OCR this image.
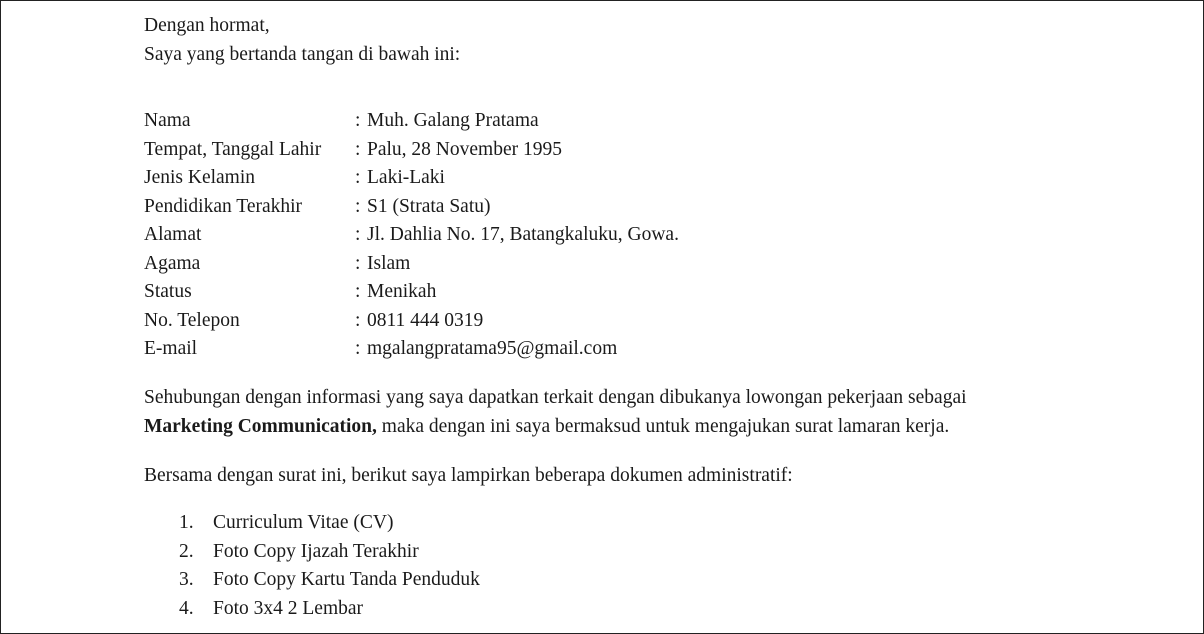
Dengan hormat,
Saya yang bertanda tangan di bawah ini:
Nama	: Muh. Galang Pratama
Tempat, Tanggal Lahir	: Palu, 28 November 1995
Jenis Kelamin	: Laki-Laki
Pendidikan Terakhir	: S1 (Strata Satu)
Alamat	: Jl. Dahlia No. 17, Batangkaluku, Gowa.
Agama	: Islam
Status	: Menikah
No. Telepon	: 0811 444 0319
E-mail	: mgalangpratama95@gmail.com
Sehubungan dengan informasi yang saya dapatkan terkait dengan dibukanya lowongan pekerjaan sebagai
Marketing Communication, maka dengan ini saya bermaksud untuk mengajukan surat lamaran kerja.
Bersama dengan surat ini, berikut saya lampirkan beberapa dokumen administratif:
1. Curriculum Vitae (CV)
2. Foto Copy Ijazah Terakhir
3. Foto Copy Kartu Tanda Penduduk
4. Foto 3x4 2 Lembar
